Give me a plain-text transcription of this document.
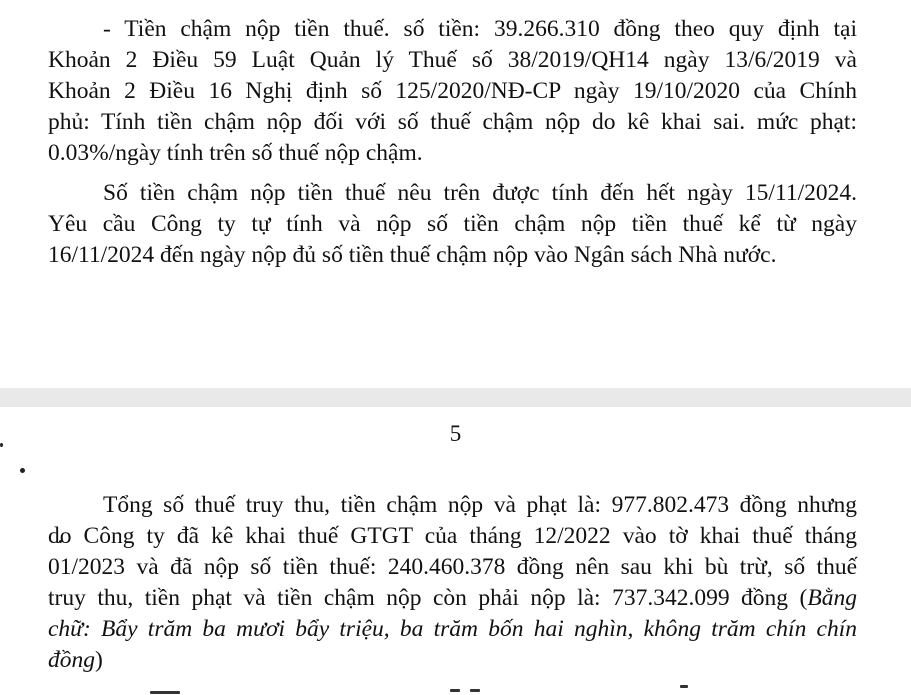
- Tiền chậm nộp tiền thuế. số tiền: 39.266.310 đồng theo quy định tại
Khoản 2 Điều 59 Luật Quản lý Thuế số 38/2019/QH14 ngày 13/6/2019 và
Khoản 2 Điều 16 Nghị định số 125/2020/NĐ-CP ngày 19/10/2020 của Chính
phủ: Tính tiền chậm nộp đối với số thuế chậm nộp do kê khai sai. mức phạt:
0.03%/ngày tính trên số thuế nộp chậm.
Số tiền chậm nộp tiền thuế nêu trên được tính đến hết ngày 15/11/2024.
Yêu cầu Công ty tự tính và nộp số tiền chậm nộp tiền thuế kể từ ngày
16/11/2024 đến ngày nộp đủ số tiền thuế chậm nộp vào Ngân sách Nhà nước.
5
Tổng số thuế truy thu, tiền chậm nộp và phạt là: 977.802.473 đồng nhưng
do Công ty đã kê khai thuế GTGT của tháng 12/2022 vào tờ khai thuế tháng
01/2023 và đã nộp số tiền thuế: 240.460.378 đồng nên sau khi bù trừ, số thuế
truy thu, tiền phạt và tiền chậm nộp còn phải nộp là: 737.342.099 đồng (Bằng
chữ: Bẩy trăm ba mươi bẩy triệu, ba trăm bốn hai nghìn, không trăm chín chín
đồng)
